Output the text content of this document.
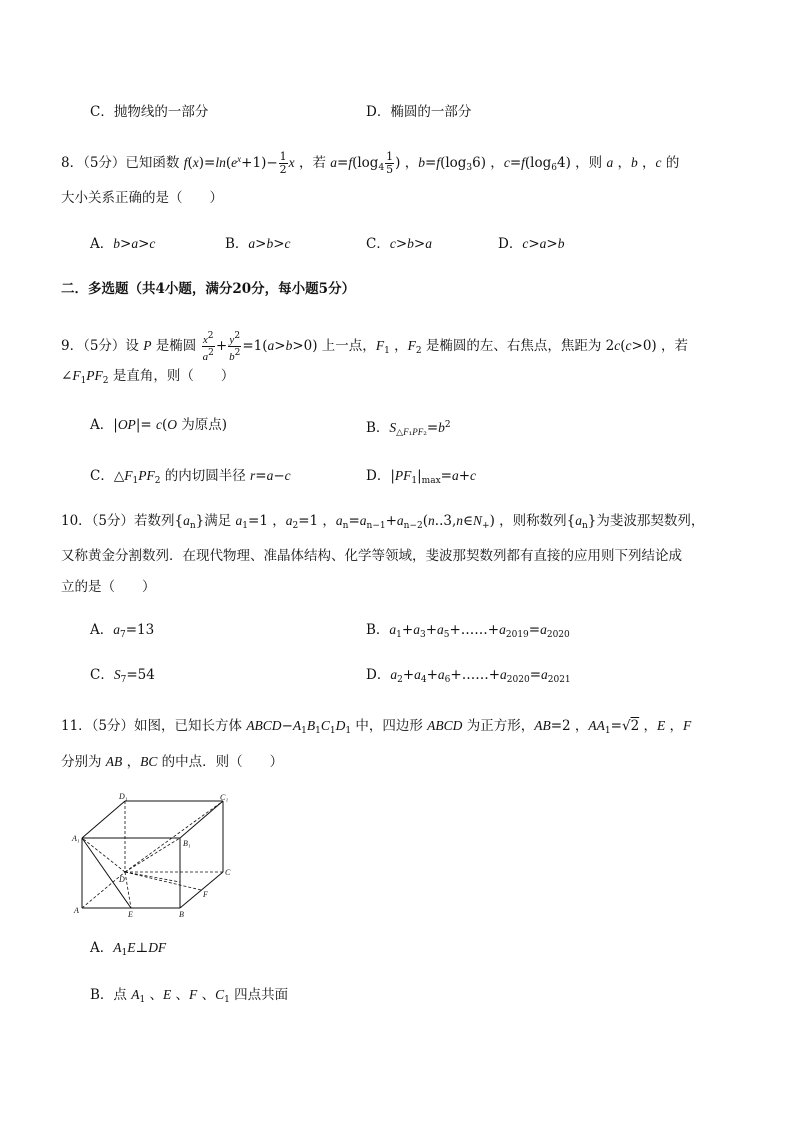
C．抛物线的一部分	D．椭圆的一部分
8．（5分）已知函数 $f(x)=\ln(e^x+1)- \frac{1}{2}$ x ，若 $a=f(\log_4 \frac{1}{5}$ ) ，$b=f(\log_36)$ ，$c=f(\log_64)$ ，则 a ，b ，c 的
大小关系正确的是（　　）
A．b>a>c	B．a>b>c	C．c>b>a	D．c>a>b
二．多选题（共4小题，满分20分，每小题5分）
9．（5分）设 P 是椭圆 $\frac{x^2}{a^2} + \frac{y^2}{b^2} =1(a>b>0)$ 上一点，$F_1$ ，$F_2$ 是椭圆的左、右焦点，焦距为 2c(c>0) ，若
$\angle F_1PF_2$ 是直角，则（　　）
A．|OP|= c(O 为原点)	B．$S_{\triangle F_1PF_2}=b^2$
C．$\triangle F_1PF_2$ 的内切圆半径 r=a−c	D．$|PF_1|_{max}=a+c$
10．（5分）若数列$\{a_n\}$满足 $a_1=1$ ，$a_2=1$ ，$a_n=a_{n-1}+a_{n-2}(n..3,n\in N_+)$ ，则称数列$\{a_n\}$为斐波那契数列，
又称黄金分割数列．在现代物理、准晶体结构、化学等领域，斐波那契数列都有直接的应用则下列结论成
立的是（　　）
A．$a_7=13$	B．$a_1+a_3+a_5+\dots\dots+a_{2019}=a_{2020}$
C．$S_7=54$	D．$a_2+a_4+a_6+\dots\dots+a_{2020}=a_{2021}$
11．（5分）如图，已知长方体 $ABCD-A_1B_1C_1D_1$ 中，四边形 ABCD 为正方形，AB=2 ，$AA_1=√2$ ，E ，F
分别为 AB ，BC 的中点．则（　　）
D₁	C₁
A₁
B₁
D
C
A	B
E
F
A．$A_1E\perp DF$
B．点 $A_1$ 、E 、F 、$C_1$ 四点共面
